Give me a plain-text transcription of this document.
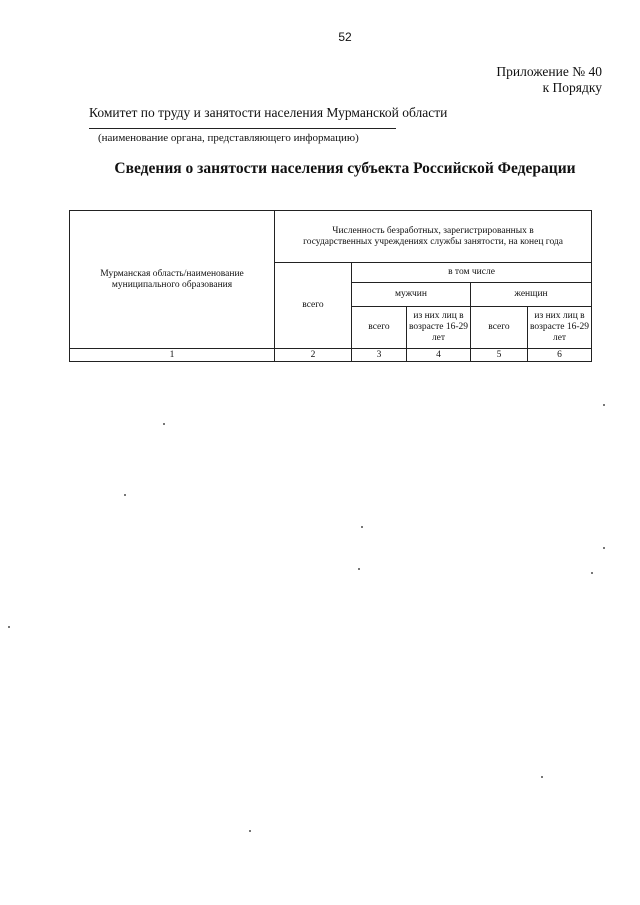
52
Приложение № 40
к Порядку
Комитет по труду и занятости населения Мурманской области
(наименование органа, представляющего информацию)
Сведения о занятости населения субъекта Российской Федерации
Мурманская область/наименование муниципального образования	Численность безработных, зарегистрированных в государственных учреждениях службы занятости, на конец года				
	всего	в том числе			
		мужчин		женщин	
		всего	из них лиц в возрасте 16-29 лет	всего	из них лиц в возрасте 16-29 лет
1	2	3	4	5	6
